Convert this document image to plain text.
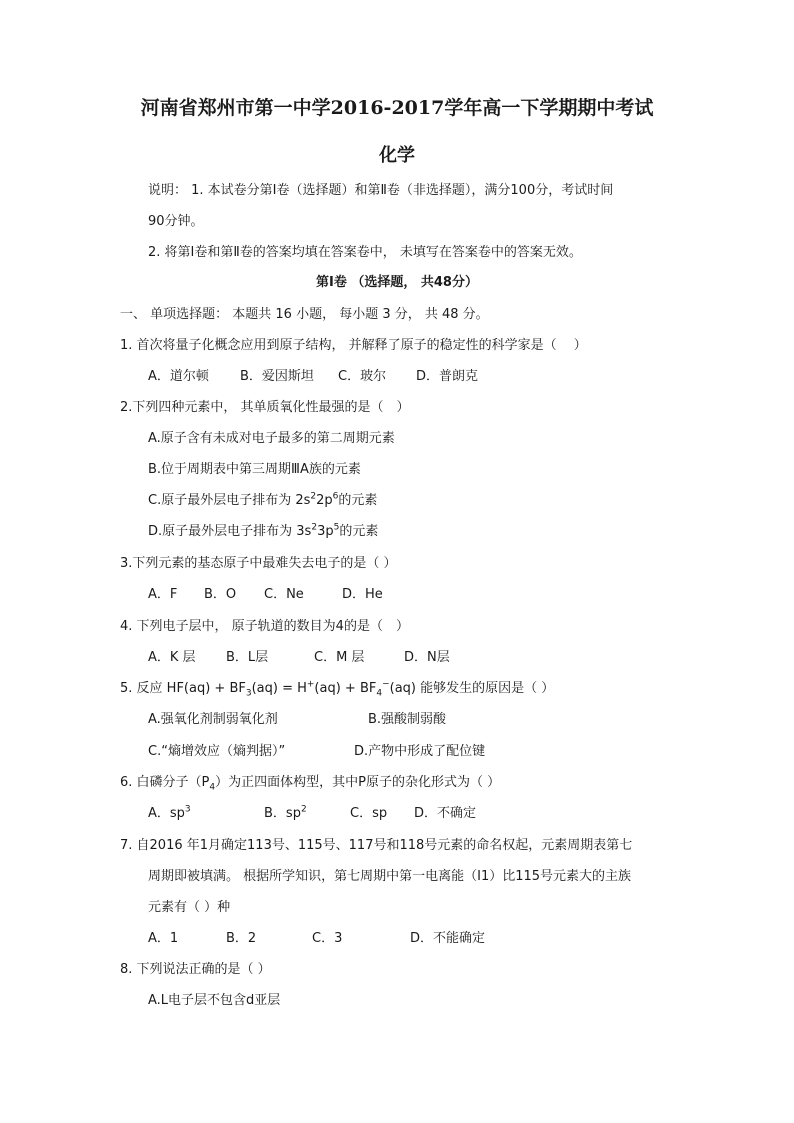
河南省郑州市第一中学2016-2017学年高一下学期期中考试
化学
说明： 1. 本试卷分第Ⅰ卷（选择题）和第Ⅱ卷（非选择题），满分100分，考试时间
90分钟。
2. 将第Ⅰ卷和第Ⅱ卷的答案均填在答案卷中， 未填写在答案卷中的答案无效。
第Ⅰ卷 （选择题， 共48分）
一、 单项选择题： 本题共 16 小题， 每小题 3 分， 共 48 分。
1. 首次将量子化概念应用到原子结构， 并解释了原子的稳定性的科学家是（　 ）
A．道尔顿 B．爱因斯坦 C．玻尔 D．普朗克
2.下列四种元素中， 其单质氧化性最强的是（　）
A.原子含有未成对电子最多的第二周期元素
B.位于周期表中第三周期ⅢA族的元素
C.原子最外层电子排布为 $2s^22p^6$的元素
D.原子最外层电子排布为 $3s^23p^5$的元素
3.下列元素的基态原子中最难失去电子的是（ ）
A．F B．O C．Ne	D．He
4. 下列电子层中， 原子轨道的数目为4的是（　）
A．K 层 B．L层	C．M 层	D．N层
5. 反应 $HF(aq) + BF_3(aq) = H^+(aq) + BF_4^-(aq)$ 能够发生的原因是（ ）
A.强氧化剂制弱氧化剂	B.强酸制弱酸
C.“熵增效应（熵判据）”	D.产物中形成了配位键
6. 白磷分子$(P_4)$为正四面体构型，其中P原子的杂化形式为（ ）
A．$sp^3$	B．$sp^2$	C．sp D．不确定
7. 自2016 年1月确定113号、115号、117号和118号元素的命名权起，元素周期表第七
周期即被填满。 根据所学知识，第七周期中第一电离能（I1）比115号元素大的主族
元素有（ ）种
A．1	B．2	C．3	D．不能确定
8. 下列说法正确的是（ ）
A.L电子层不包含d亚层
